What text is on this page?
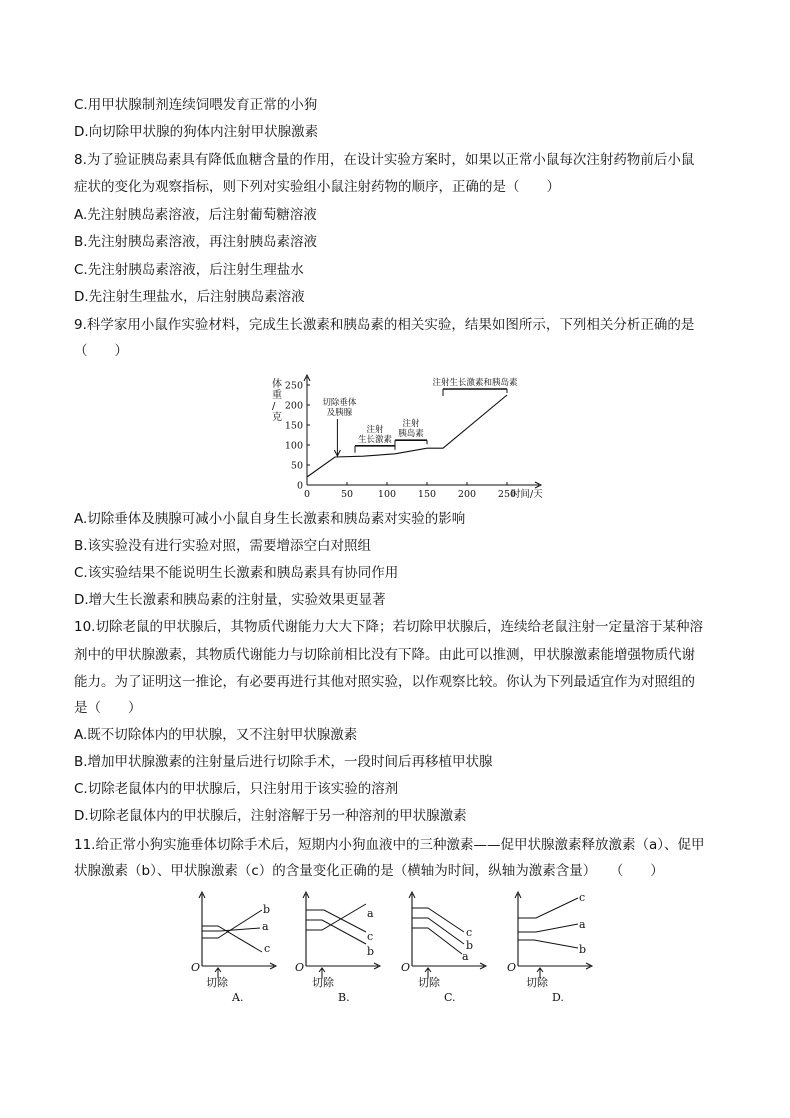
C.用甲状腺制剂连续饲喂发育正常的小狗
D.向切除甲状腺的狗体内注射甲状腺激素
8.为了验证胰岛素具有降低血糖含量的作用，在设计实验方案时，如果以正常小鼠每次注射药物前后小鼠
症状的变化为观察指标，则下列对实验组小鼠注射药物的顺序，正确的是（　　）
A.先注射胰岛素溶液，后注射葡萄糖溶液
B.先注射胰岛素溶液，再注射胰岛素溶液
C.先注射胰岛素溶液，后注射生理盐水
D.先注射生理盐水，后注射胰岛素溶液
9.科学家用小鼠作实验材料，完成生长激素和胰岛素的相关实验，结果如图所示，下列相关分析正确的是
（　　）
0
50
100
150
200
250
0	50	100 150 200 250
时间/天
体重/克
切除垂体
及胰腺
注射
生长激素
注射
胰岛素
注射生长激素和胰岛素
A.切除垂体及胰腺可减小小鼠自身生长激素和胰岛素对实验的影响
B.该实验没有进行实验对照，需要增添空白对照组
C.该实验结果不能说明生长激素和胰岛素具有协同作用
D.增大生长激素和胰岛素的注射量，实验效果更显著
10.切除老鼠的甲状腺后，其物质代谢能力大大下降；若切除甲状腺后，连续给老鼠注射一定量溶于某种溶
剂中的甲状腺激素，其物质代谢能力与切除前相比没有下降。由此可以推测，甲状腺激素能增强物质代谢
能力。为了证明这一推论，有必要再进行其他对照实验，以作观察比较。你认为下列最适宜作为对照组的
是（　　）
A.既不切除体内的甲状腺，又不注射甲状腺激素
B.增加甲状腺激素的注射量后进行切除手术，一段时间后再移植甲状腺
C.切除老鼠体内的甲状腺后，只注射用于该实验的溶剂
D.切除老鼠体内的甲状腺后，注射溶解于另一种溶剂的甲状腺激素
11.给正常小狗实施垂体切除手术后，短期内小狗血液中的三种激素——促甲状腺激素释放激素（a）、促甲
状腺激素（b）、甲状腺激素（c）的含量变化正确的是（横轴为时间，纵轴为激素含量）　　（　　）
b
a
c
O
切除
A.
a
c
b
O
切除
B.
c
b
a
O
切除
C.
c
a
b
O
切除
D.
